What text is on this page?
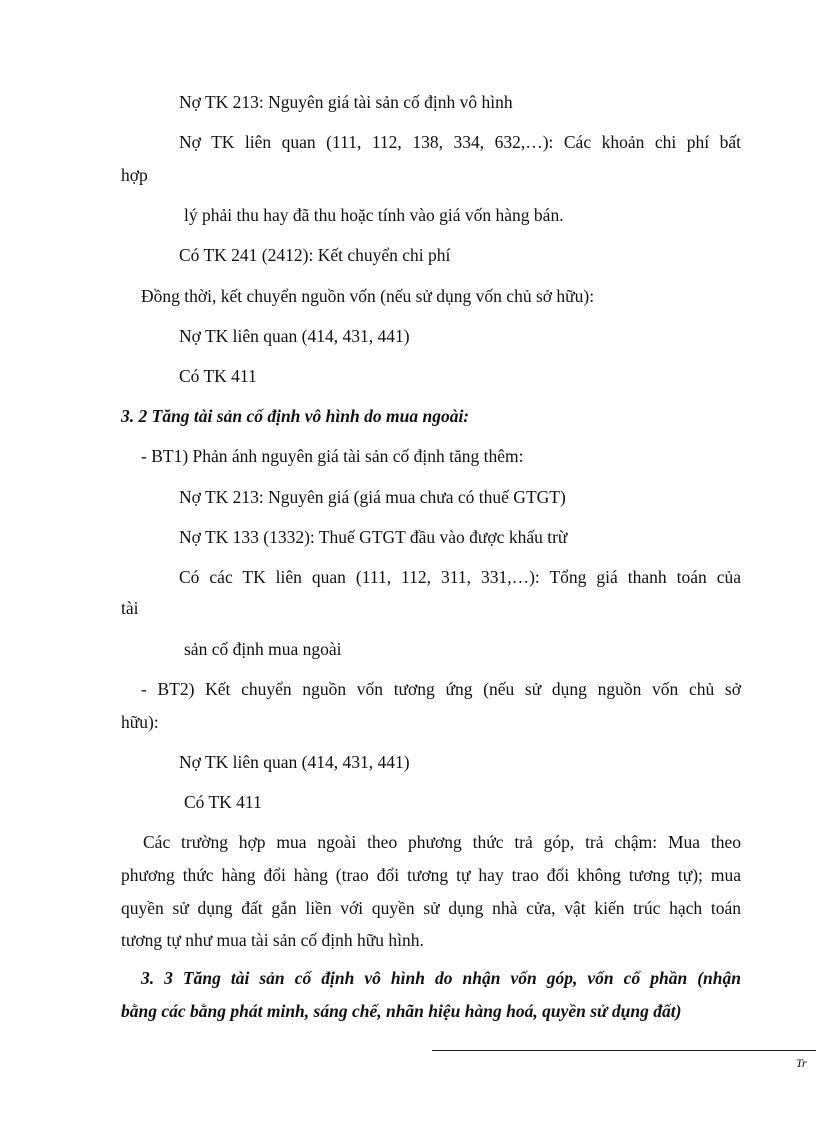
Nợ TK 213: Nguyên giá tài sản cố định vô hình
Nợ TK liên quan (111, 112, 138, 334, 632,…): Các khoản chi phí bất
hợp
lý phải thu hay đã thu hoặc tính vào giá vốn hàng bán.
Có TK 241 (2412): Kết chuyển chi phí
Đồng thời, kết chuyển nguồn vốn (nếu sử dụng vốn chủ sở hữu):
Nợ TK liên quan (414, 431, 441)
Có TK 411
3. 2 Tăng tài sản cố định vô hình do mua ngoài:
- BT1) Phản ánh nguyên giá tài sản cố định tăng thêm:
Nợ TK 213: Nguyên giá (giá mua chưa có thuế GTGT)
Nợ TK 133 (1332): Thuế GTGT đầu vào được khấu trừ
Có các TK liên quan (111, 112, 311, 331,…): Tổng giá thanh toán của
tài
sản cố định mua ngoài
- BT2) Kết chuyển nguồn vốn tương ứng (nếu sử dụng nguồn vốn chủ sở
hữu):
Nợ TK liên quan (414, 431, 441)
Có TK 411
Các trường hợp mua ngoài theo phương thức trả góp, trả chậm: Mua theo
phương thức hàng đổi hàng (trao đổi tương tự hay trao đổi không tương tự); mua
quyền sử dụng đất gắn liền với quyền sử dụng nhà cửa, vật kiến trúc hạch toán
tương tự như mua tài sản cố định hữu hình.
3. 3 Tăng tài sản cố định vô hình do nhận vốn góp, vốn cổ phần (nhận
bằng các bằng phát minh, sáng chế, nhãn hiệu hàng hoá, quyền sử dụng đất)
Tr
